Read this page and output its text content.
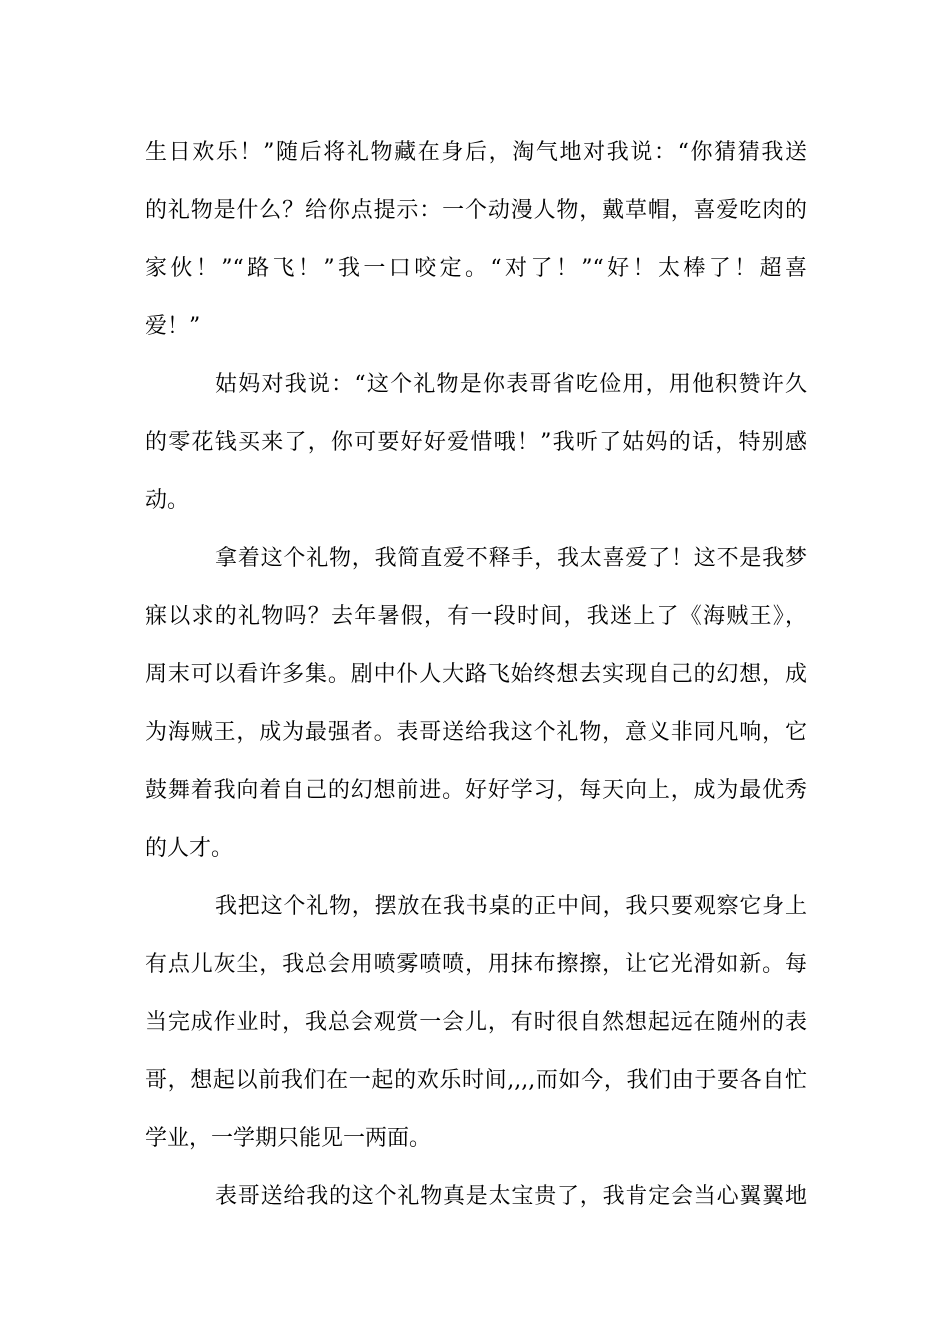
生日欢乐！”随后将礼物藏在身后，淘气地对我说：“你猜猜我送
的礼物是什么？给你点提示：一个动漫人物，戴草帽，喜爱吃肉的
家伙！”“路飞！”我一口咬定。“对了！”“好！太棒了！超喜
爱！”
姑妈对我说：“这个礼物是你表哥省吃俭用，用他积赞许久
的零花钱买来了，你可要好好爱惜哦！”我听了姑妈的话，特别感
动。
拿着这个礼物，我简直爱不释手，我太喜爱了！这不是我梦
寐以求的礼物吗？去年暑假，有一段时间，我迷上了《海贼王》，
周末可以看许多集。剧中仆人大路飞始终想去实现自己的幻想，成
为海贼王，成为最强者。表哥送给我这个礼物，意义非同凡响，它
鼓舞着我向着自己的幻想前进。好好学习，每天向上，成为最优秀
的人才。
我把这个礼物，摆放在我书桌的正中间，我只要观察它身上
有点儿灰尘，我总会用喷雾喷喷，用抹布擦擦，让它光滑如新。每
当完成作业时，我总会观赏一会儿，有时很自然想起远在随州的表
哥，想起以前我们在一起的欢乐时间,,,,而如今，我们由于要各自忙
学业，一学期只能见一两面。
表哥送给我的这个礼物真是太宝贵了，我肯定会当心翼翼地
